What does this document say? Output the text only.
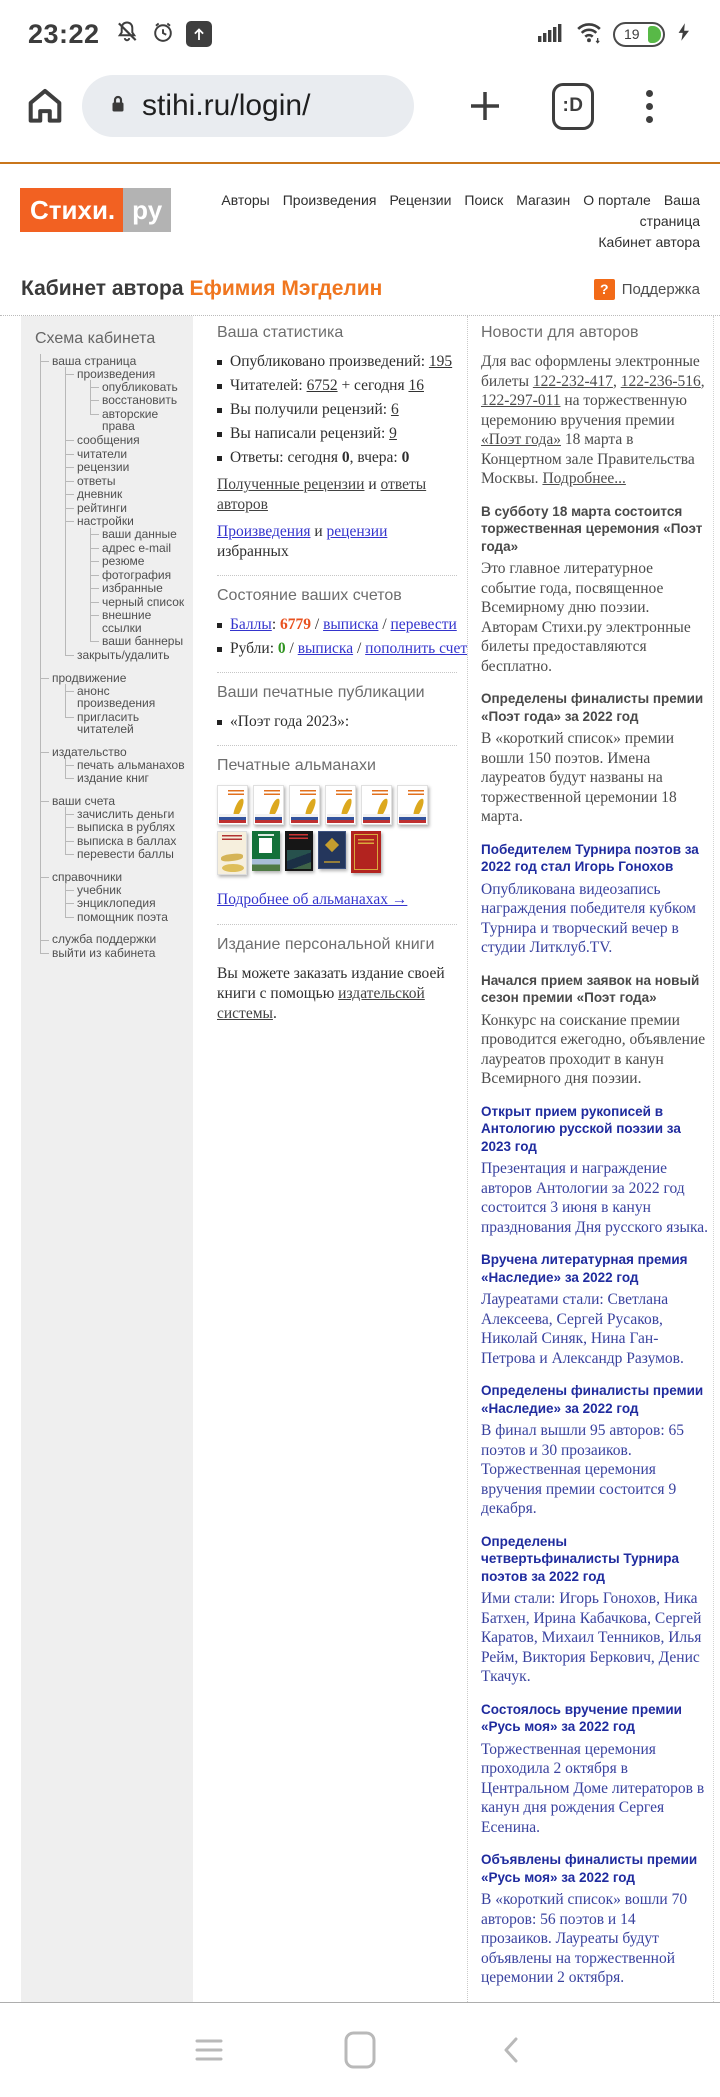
23:22	19
stihi.ru/login/	:D
Стихи. ру	Авторы Произведения Рецензии Поиск Магазин О портале Ваша страница
Кабинет автора
Кабинет автора Ефимия Мэгделин	? Поддержка
Схема кабинета
ваша страница
произведения
опубликовать
восстановить
авторские права
сообщения
читатели
рецензии
ответы
дневник
рейтинги
настройки
ваши данные
адрес e-mail
резюме
фотография
избранные
черный список
внешние ссылки
ваши баннеры
закрыть/удалить
продвижение
анонс произведения
пригласить читателей
издательство
печать альманахов
издание книг
ваши счета
зачислить деньги
выписка в рублях
выписка в баллах
перевести баллы
справочники
учебник
энциклопедия
помощник поэта
служба поддержки
выйти из кабинета
Ваша статистика
Опубликовано произведений: 195
Читателей: 6752 + сегодня 16
Вы получили рецензий: 6
Вы написали рецензий: 9
Ответы: сегодня 0, вчера: 0
Полученные рецензии и ответы авторов
Произведения и рецензии избранных
Состояние ваших счетов
Баллы: 6779 / выписка / перевести
Рубли: 0 / выписка / пополнить счет
Ваши печатные публикации
«Поэт года 2023»:
Печатные альманахи
Подробнее об альманахах →
Издание персональной книги

Вы можете заказать издание своей книги с помощью издательской системы.

Новости для авторов

Для вас оформлены электронные билеты 122-232-417, 122-236-516, 122-297-011 на торжественную церемонию вручения премии «Поэт года» 18 марта в Концертном зале Правительства Москвы. Подробнее...

В субботу 18 марта состоится торжественная церемония «Поэт года»

Это главное литературное событие года, посвященное Всемирному дню поэзии. Авторам Стихи.ру электронные билеты предоставляются бесплатно.

Определены финалисты премии «Поэт года» за 2022 год

В «короткий список» премии вошли 150 поэтов. Имена лауреатов будут названы на торжественной церемонии 18 марта.

Победителем Турнира поэтов за 2022 год стал Игорь Гонохов

Опубликована видеозапись награждения победителя кубком Турнира и творческий вечер в студии Литклуб.TV.

Начался прием заявок на новый сезон премии «Поэт года»

Конкурс на соискание премии проводится ежегодно, объявление лауреатов проходит в канун Всемирного дня поэзии.

Открыт прием рукописей в Антологию русской поэзии за 2023 год

Презентация и награждение авторов Антологии за 2022 год состоится 3 июня в канун празднования Дня русского языка.

Вручена литературная премия «Наследие» за 2022 год

Лауреатами стали: Светлана Алексеева, Сергей Русаков, Николай Синяк, Нина Ган-Петрова и Александр Разумов.

Определены финалисты премии «Наследие» за 2022 год

В финал вышли 95 авторов: 65 поэтов и 30 прозаиков. Торжественная церемония вручения премии состоится 9 декабря.

Определены четвертьфиналисты Турнира поэтов за 2022 год

Ими стали: Игорь Гонохов, Ника Батхен, Ирина Кабачкова, Сергей Каратов, Михаил Тенников, Илья Рейм, Виктория Беркович, Денис Ткачук.

Состоялось вручение премии «Русь моя» за 2022 год

Торжественная церемония проходила 2 октября в Центральном Доме литераторов в канун дня рождения Сергея Есенина.

Объявлены финалисты премии «Русь моя» за 2022 год

В «короткий список» вошли 70 авторов: 56 поэтов и 14 прозаиков. Лауреаты будут объявлены на торжественной церемонии 2 октября.
